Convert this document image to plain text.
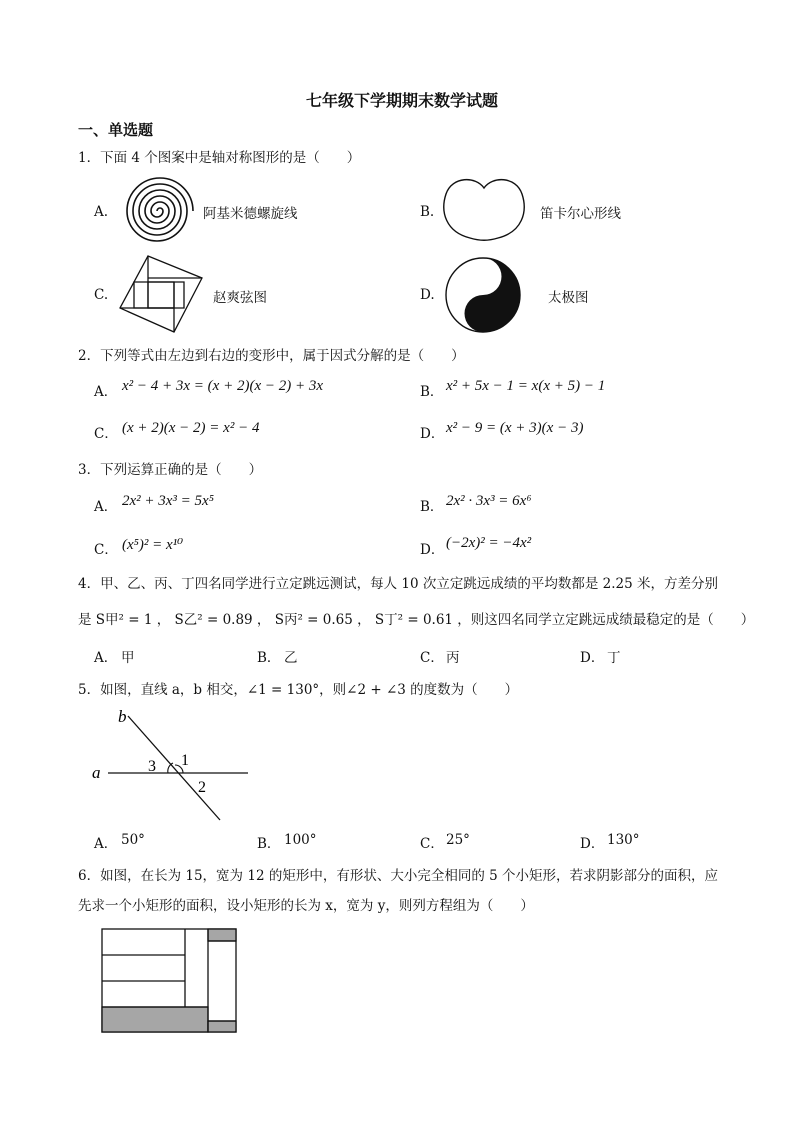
七年级下学期期末数学试题
一、单选题
1．下面 4 个图案中是轴对称图形的是（　　）
A.	阿基米德螺旋线	B.	笛卡尔心形线
C.	赵爽弦图	D.	太极图
2．下列等式由左边到右边的变形中，属于因式分解的是（　　）
A． x² − 4 + 3x = (x + 2)(x − 2) + 3x	B． x² + 5x − 1 = x(x + 5) − 1
C． (x + 2)(x − 2) = x² − 4	D． x² − 9 = (x + 3)(x − 3)
3．下列运算正确的是（　　）
A． 2x² + 3x³ = 5x⁵	B． 2x² · 3x³ = 6x⁶
C． (x⁵)² = x¹⁰	D． (−2x)² = −4x²
4．甲、乙、丙、丁四名同学进行立定跳远测试，每人 10 次立定跳远成绩的平均数都是 2.25 米，方差分别
是 S甲² = 1 ， S乙² = 0.89 ， S丙² = 0.65 ， S丁² = 0.61 ，则这四名同学立定跳远成绩最稳定的是（　　）
A． 甲	B． 乙	C． 丙	D． 丁
5．如图，直线 a，b 相交，∠1 = 130°，则∠2 + ∠3 的度数为（　　）
b
a
1
2
3
A． 50°	B． 100°	C． 25°	D． 130°
6．如图，在长为 15，宽为 12 的矩形中，有形状、大小完全相同的 5 个小矩形，若求阴影部分的面积，应
先求一个小矩形的面积，设小矩形的长为 x，宽为 y，则列方程组为（　　）
